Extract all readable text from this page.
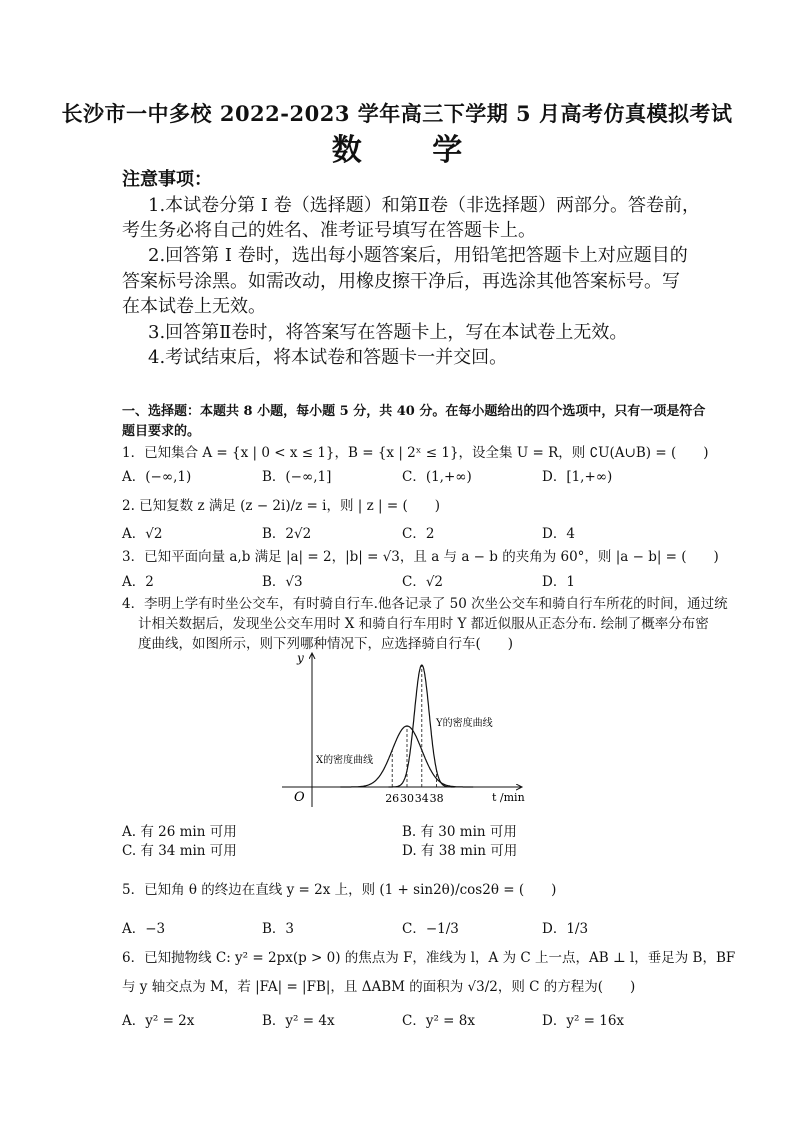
长沙市一中多校 2022-2023 学年高三下学期 5 月高考仿真模拟考试
数 学
注意事项：
1.本试卷分第 I 卷（选择题）和第Ⅱ卷（非选择题）两部分。答卷前，
考生务必将自己的姓名、准考证号填写在答题卡上。
2.回答第 I 卷时，选出每小题答案后，用铅笔把答题卡上对应题目的
答案标号涂黑。如需改动，用橡皮擦干净后，再选涂其他答案标号。写
在本试卷上无效。
3.回答第Ⅱ卷时，将答案写在答题卡上，写在本试卷上无效。
4.考试结束后，将本试卷和答题卡一并交回。
一、选择题：本题共 8 小题，每小题 5 分，共 40 分。在每小题给出的四个选项中，只有一项是符合
题目要求的。
1．已知集合 A = {x | 0 < x ≤ 1}，B = {x | 2ˣ ≤ 1}，设全集 U = R，则 ∁U(A∪B) = (　　)
A．(−∞,1)	B．(−∞,1]	C．(1,+∞)	D．[1,+∞)
2. 已知复数 z 满足 (z − 2i)/z = i，则 | z | = (　　)
A．√2	B．2√2	C．2	D．4
3．已知平面向量 a,b 满足 |a| = 2，|b| = √3，且 a 与 a − b 的夹角为 60°，则 |a − b| = (　　)
A．2	B．√3	C．√2	D．1
4．李明上学有时坐公交车，有时骑自行车.他各记录了 50 次坐公交车和骑自行车所花的时间，通过统
计相关数据后，发现坐公交车用时 X 和骑自行车用时 Y 都近似服从正态分布. 绘制了概率分布密
度曲线，如图所示，则下列哪种情况下，应选择骑自行车(　　)
y
O	t /min
26 30 34 38
X的密度曲线
Y的密度曲线
A. 有 26 min 可用	B. 有 30 min 可用
C. 有 34 min 可用	D. 有 38 min 可用
5．已知角 θ 的终边在直线 y = 2x 上，则 (1 + sin2θ)/cos2θ = (　　)
A．−3	B．3	C．−1/3	D．1/3
6．已知抛物线 C: y² = 2px(p > 0) 的焦点为 F，准线为 l，A 为 C 上一点，AB ⊥ l，垂足为 B，BF
与 y 轴交点为 M，若 |FA| = |FB|，且 ΔABM 的面积为 √3/2，则 C 的方程为(　　)
A．y² = 2x	B．y² = 4x	C．y² = 8x	D．y² = 16x
